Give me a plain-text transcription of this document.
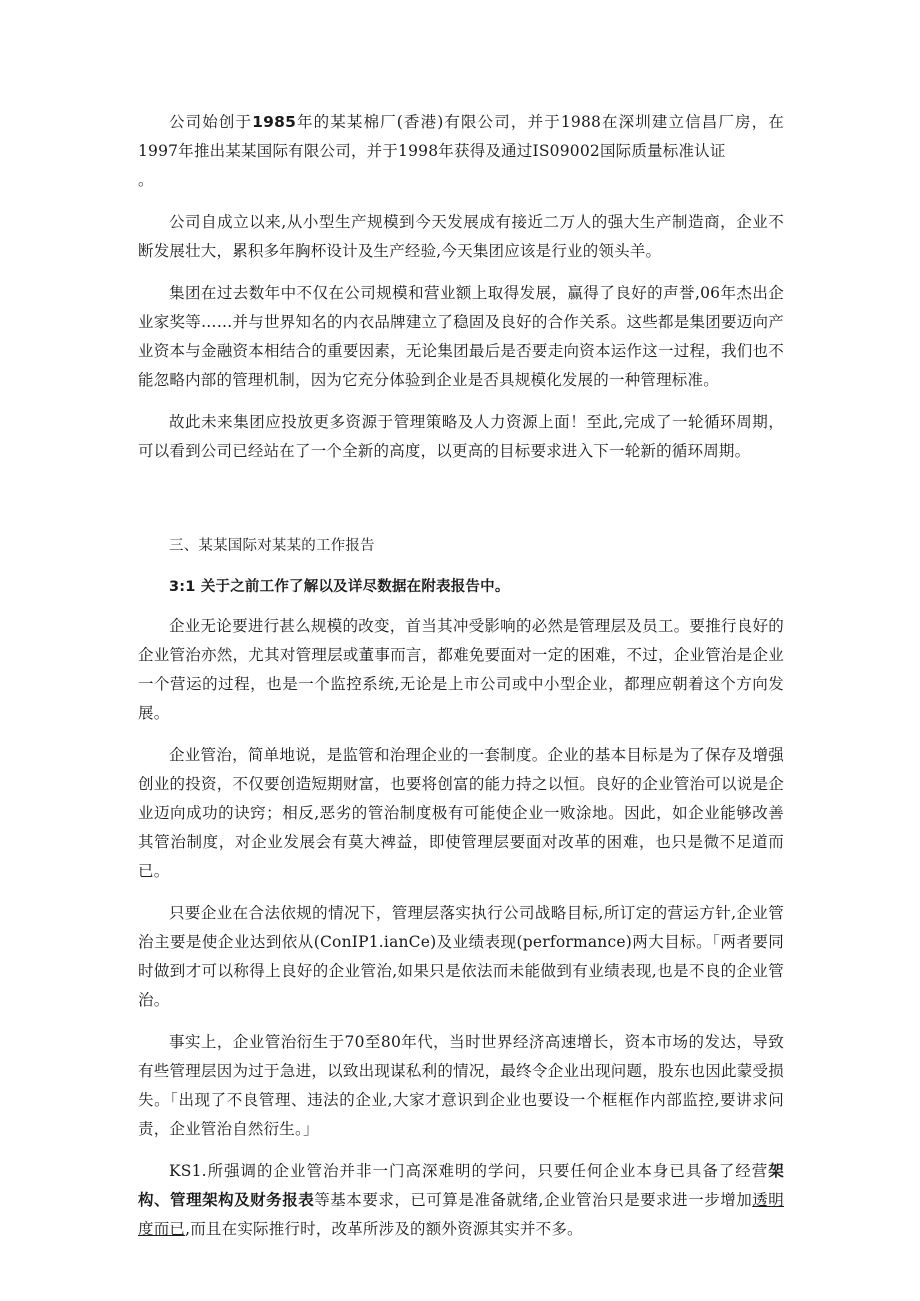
公司始创于1985年的某某棉厂(香港)有限公司，并于1988在深圳建立信昌厂房，在1997年推出某某国际有限公司，并于1998年获得及通过IS09002国际质量标准认证
。

公司自成立以来,从小型生产规模到今天发展成有接近二万人的强大生产制造商，企业不断发展壮大，累积多年胸杯设计及生产经验,今天集团应该是行业的领头羊。

集团在过去数年中不仅在公司规模和营业额上取得发展，赢得了良好的声誉,06年杰出企业家奖等……并与世界知名的内衣品牌建立了稳固及良好的合作关系。这些都是集团要迈向产业资本与金融资本相结合的重要因素，无论集团最后是否要走向资本运作这一过程，我们也不能忽略内部的管理机制，因为它充分体验到企业是否具规模化发展的一种管理标准。

故此未来集团应投放更多资源于管理策略及人力资源上面！至此,完成了一轮循环周期，可以看到公司已经站在了一个全新的高度，以更高的目标要求进入下一轮新的循环周期。

三、某某国际对某某的工作报告
3:1 关于之前工作了解以及详尽数据在附表报告中。

企业无论要进行甚么规模的改变，首当其冲受影响的必然是管理层及员工。要推行良好的企业管治亦然，尤其对管理层或董事而言，都难免要面对一定的困难，不过，企业管治是企业一个营运的过程，也是一个监控系统,无论是上市公司或中小型企业，都理应朝着这个方向发展。

企业管治，简单地说，是监管和治理企业的一套制度。企业的基本目标是为了保存及增强创业的投资，不仅要创造短期财富，也要将创富的能力持之以恒。良好的企业管治可以说是企业迈向成功的诀窍；相反,恶劣的管治制度极有可能使企业一败涂地。因此，如企业能够改善其管治制度，对企业发展会有莫大裨益，即使管理层要面对改革的困难，也只是微不足道而已。

只要企业在合法依规的情况下，管理层落实执行公司战略目标,所订定的营运方针,企业管治主要是使企业达到依从(ConIP1.ianCe)及业绩表现(performance)两大目标。「两者要同时做到才可以称得上良好的企业管治,如果只是依法而未能做到有业绩表现,也是不良的企业管治。

事实上，企业管治衍生于70至80年代，当时世界经济高速增长，资本市场的发达，导致有些管理层因为过于急进，以致出现谋私利的情况，最终令企业出现问题，股东也因此蒙受损失。「出现了不良管理、违法的企业,大家才意识到企业也要设一个框框作内部监控,要讲求问责，企业管治自然衍生。」

KS1.所强调的企业管治并非一门高深难明的学问，只要任何企业本身已具备了经营架构、管理架构及财务报表等基本要求，已可算是准备就绪,企业管治只是要求进一步增加透明度而已,而且在实际推行时，改革所涉及的额外资源其实并不多。
